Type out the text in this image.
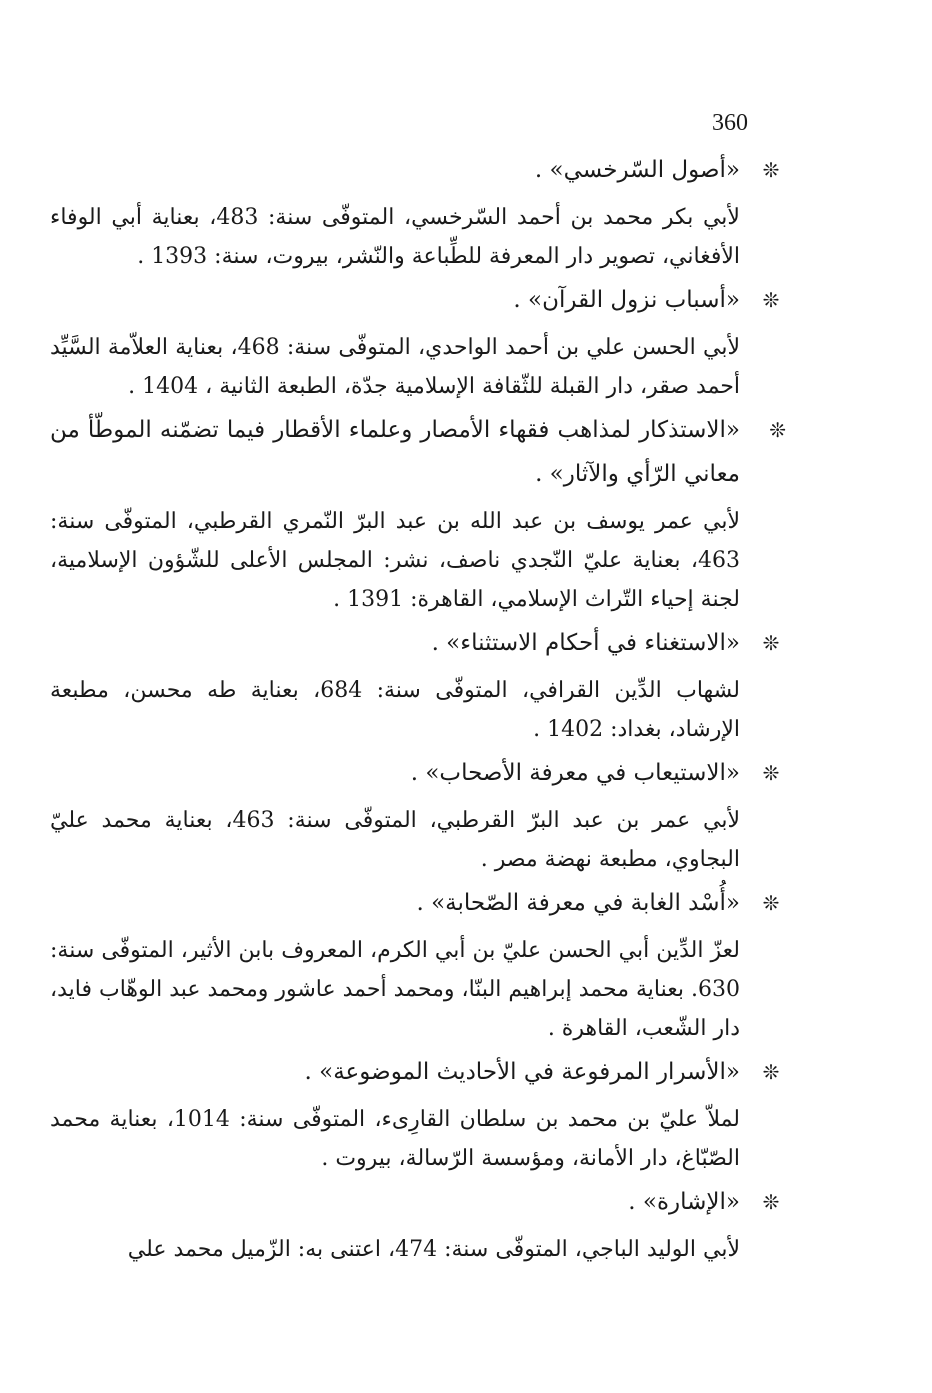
360
❊
«أصول السّرخسي» .
لأبي بكر محمد بن أحمد السّرخسي، المتوفّى سنة: 483، بعناية أبي الوفاء الأفغاني، تصوير دار المعرفة للطِّباعة والنّشر، بيروت، سنة: 1393 .
❊
«أسباب نزول القرآن» .
لأبي الحسن علي بن أحمد الواحدي، المتوفّى سنة: 468، بعناية العلاّمة السَّيِّد أحمد صقر، دار القبلة للثّقافة الإسلامية جدّة، الطبعة الثانية ، 1404 .
❊
«الاستذكار لمذاهب فقهاء الأمصار وعلماء الأقطار فيما تضمّنه الموطّأ من معاني الرّأي والآثار» .
لأبي عمر يوسف بن عبد الله بن عبد البرّ النّمري القرطبي، المتوفّى سنة: 463، بعناية عليّ النّجدي ناصف، نشر: المجلس الأعلى للشّؤون الإسلامية، لجنة إحياء التّراث الإسلامي، القاهرة: 1391 .
❊
«الاستغناء في أحكام الاستثناء» .
لشهاب الدِّين القرافي، المتوفّى سنة: 684، بعناية طه محسن، مطبعة الإرشاد، بغداد: 1402 .
❊
«الاستيعاب في معرفة الأصحاب» .
لأبي عمر بن عبد البرّ القرطبي، المتوفّى سنة: 463، بعناية محمد عليّ البجاوي، مطبعة نهضة مصر .
❊
«أُسْد الغابة في معرفة الصّحابة» .
لعزّ الدِّين أبي الحسن عليّ بن أبي الكرم، المعروف بابن الأثير، المتوفّى سنة: 630. بعناية محمد إبراهيم البنّا، ومحمد أحمد عاشور ومحمد عبد الوهّاب فايد، دار الشّعب، القاهرة .
❊
«الأسرار المرفوعة في الأحاديث الموضوعة» .
لملاّ عليّ بن محمد بن سلطان القارِىء، المتوفّى سنة: 1014، بعناية محمد الصّبّاغ، دار الأمانة، ومؤسسة الرّسالة، بيروت .
❊
«الإشارة» .
لأبي الوليد الباجي، المتوفّى سنة: 474، اعتنى به: الزّميل محمد علي
